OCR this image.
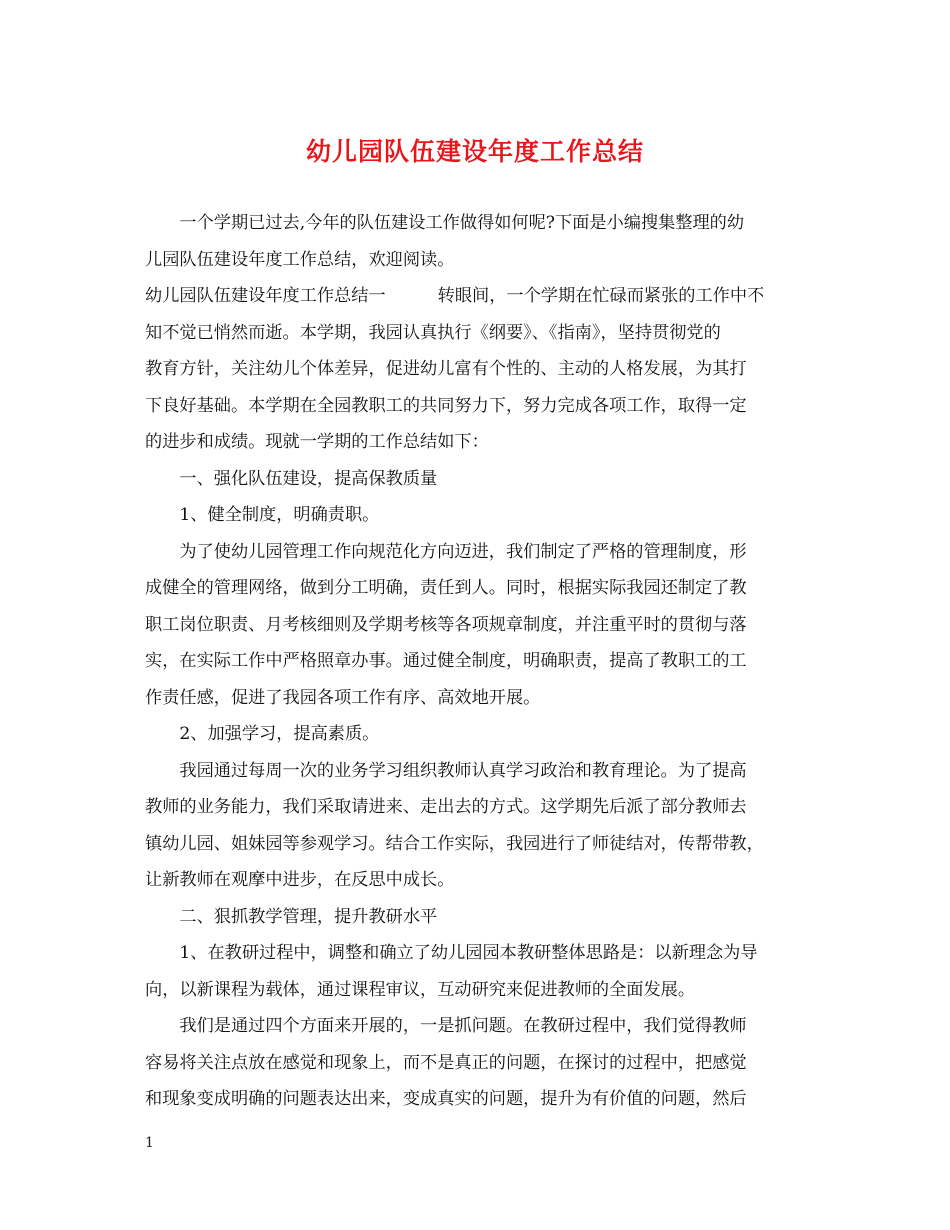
幼儿园队伍建设年度工作总结
　　一个学期已过去,今年的队伍建设工作做得如何呢?下面是小编搜集整理的幼
儿园队伍建设年度工作总结，欢迎阅读。
幼儿园队伍建设年度工作总结一	转眼间，一个学期在忙碌而紧张的工作中不
知不觉已悄然而逝。本学期，我园认真执行《纲要》、《指南》，坚持贯彻党的
教育方针，关注幼儿个体差异，促进幼儿富有个性的、主动的人格发展，为其打
下良好基础。本学期在全园教职工的共同努力下，努力完成各项工作，取得一定
的进步和成绩。现就一学期的工作总结如下：
　　一、强化队伍建设，提高保教质量
　　1、健全制度，明确责职。
　　为了使幼儿园管理工作向规范化方向迈进，我们制定了严格的管理制度，形
成健全的管理网络，做到分工明确，责任到人。同时，根据实际我园还制定了教
职工岗位职责、月考核细则及学期考核等各项规章制度，并注重平时的贯彻与落
实，在实际工作中严格照章办事。通过健全制度，明确职责，提高了教职工的工
作责任感，促进了我园各项工作有序、高效地开展。
　　2、加强学习，提高素质。
　　我园通过每周一次的业务学习组织教师认真学习政治和教育理论。为了提高
教师的业务能力，我们采取请进来、走出去的方式。这学期先后派了部分教师去
镇幼儿园、姐妹园等参观学习。结合工作实际，我园进行了师徒结对，传帮带教，
让新教师在观摩中进步，在反思中成长。
　　二、狠抓教学管理，提升教研水平
　　1、在教研过程中，调整和确立了幼儿园园本教研整体思路是：以新理念为导
向，以新课程为载体，通过课程审议，互动研究来促进教师的全面发展。
　　我们是通过四个方面来开展的，一是抓问题。在教研过程中，我们觉得教师
容易将关注点放在感觉和现象上，而不是真正的问题，在探讨的过程中，把感觉
和现象变成明确的问题表达出来，变成真实的问题，提升为有价值的问题，然后
1
